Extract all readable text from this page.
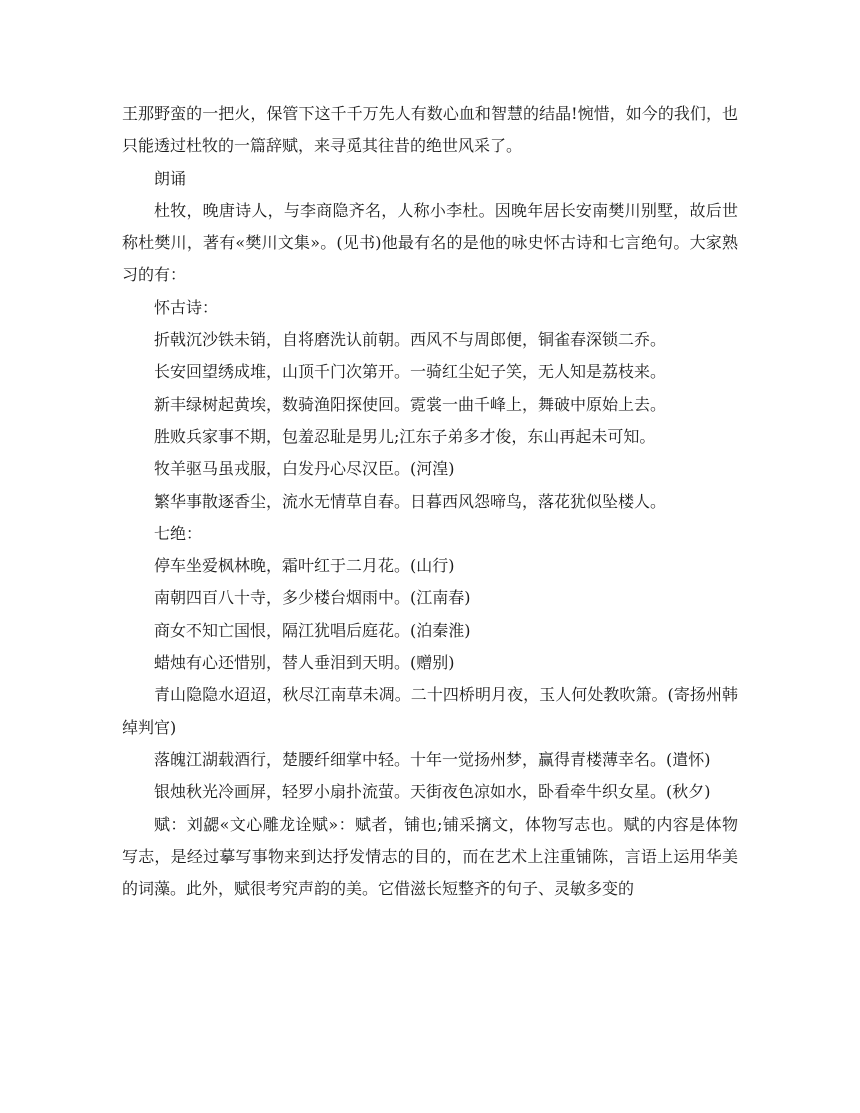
王那野蛮的一把火，保管下这千千万先人有数心血和智慧的结晶!惋惜，如今的我们，也只能透过杜牧的一篇辞赋，来寻觅其往昔的绝世风采了。

朗诵

杜牧，晚唐诗人，与李商隐齐名，人称小李杜。因晚年居长安南樊川别墅，故后世称杜樊川，著有«樊川文集»。(见书)他最有名的是他的咏史怀古诗和七言绝句。大家熟习的有：

怀古诗：

折戟沉沙铁未销，自将磨洗认前朝。西风不与周郎便，铜雀春深锁二乔。

长安回望绣成堆，山顶千门次第开。一骑红尘妃子笑，无人知是荔枝来。

新丰绿树起黄埃，数骑渔阳探使回。霓裳一曲千峰上，舞破中原始上去。

胜败兵家事不期，包羞忍耻是男儿;江东子弟多才俊，东山再起未可知。

牧羊驱马虽戎服，白发丹心尽汉臣。(河湟)

繁华事散逐香尘，流水无情草自春。日暮西风怨啼鸟，落花犹似坠楼人。

七绝：

停车坐爱枫林晚，霜叶红于二月花。(山行)

南朝四百八十寺，多少楼台烟雨中。(江南春)

商女不知亡国恨，隔江犹唱后庭花。(泊秦淮)

蜡烛有心还惜别，替人垂泪到天明。(赠别)

青山隐隐水迢迢，秋尽江南草未凋。二十四桥明月夜，玉人何处教吹箫。(寄扬州韩绰判官)

落魄江湖载酒行，楚腰纤细掌中轻。十年一觉扬州梦，赢得青楼薄幸名。(遣怀)

银烛秋光冷画屏，轻罗小扇扑流萤。天街夜色凉如水，卧看牵牛织女星。(秋夕)

赋：刘勰«文心雕龙诠赋»：赋者，铺也;铺采摛文，体物写志也。赋的内容是体物写志，是经过摹写事物来到达抒发情志的目的，而在艺术上注重铺陈，言语上运用华美的词藻。此外，赋很考究声韵的美。它借滋长短整齐的句子、灵敏多变的
